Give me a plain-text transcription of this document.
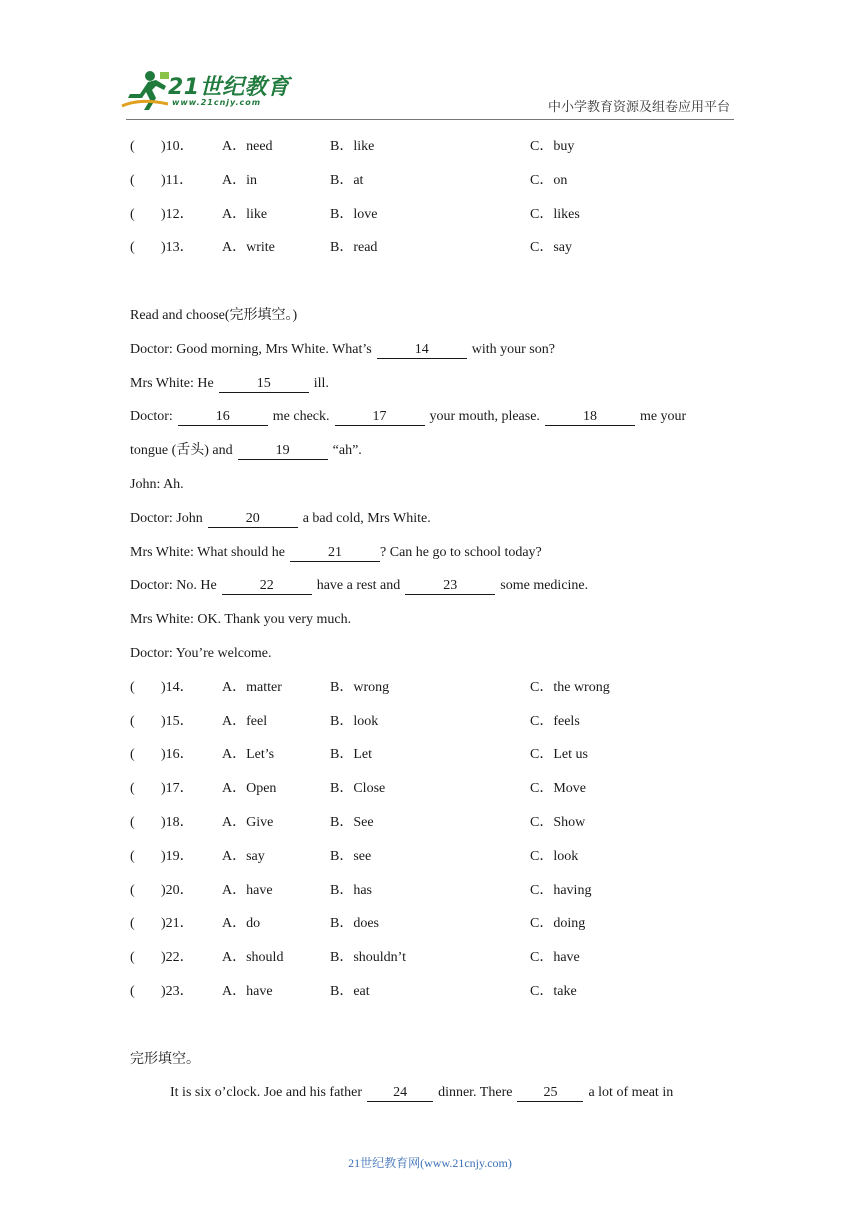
21世纪教育
www.21cnjy.com	中小学教育资源及组卷应用平台
( )10． A．need	B．like	C．buy
( )11． A．in	B．at	C．on
( )12． A．like	B．love	C．likes
( )13． A．write	B．read	C．say
Read and choose(完形填空。)
Doctor: Good morning, Mrs White. What’s	14	with your son?
Mrs White: He	15	ill.
Doctor:	16	me check.	17	your mouth, please.	18	me your
tongue (舌头) and	19	“ah”.
John: Ah.
Doctor: John	20	a bad cold, Mrs White.
Mrs White: What should he	21	? Can he go to school today?
Doctor: No. He	22	have a rest and	23	some medicine.
Mrs White: OK. Thank you very much.
Doctor: You’re welcome.
( )14． A．matter	B．wrong	C．the wrong
( )15． A．feel	B．look	C．feels
( )16． A．Let’s	B．Let	C．Let us
( )17． A．Open	B．Close	C．Move
( )18． A．Give	B．See	C．Show
( )19． A．say	B．see	C．look
( )20． A．have	B．has	C．having
( )21． A．do	B．does	C．doing
( )22． A．should	B．shouldn’t	C．have
( )23． A．have	B．eat	C．take
完形填空。
It is six o’clock. Joe and his father 24 dinner. There 25 a lot of meat in
21世纪教育网(www.21cnjy.com)
